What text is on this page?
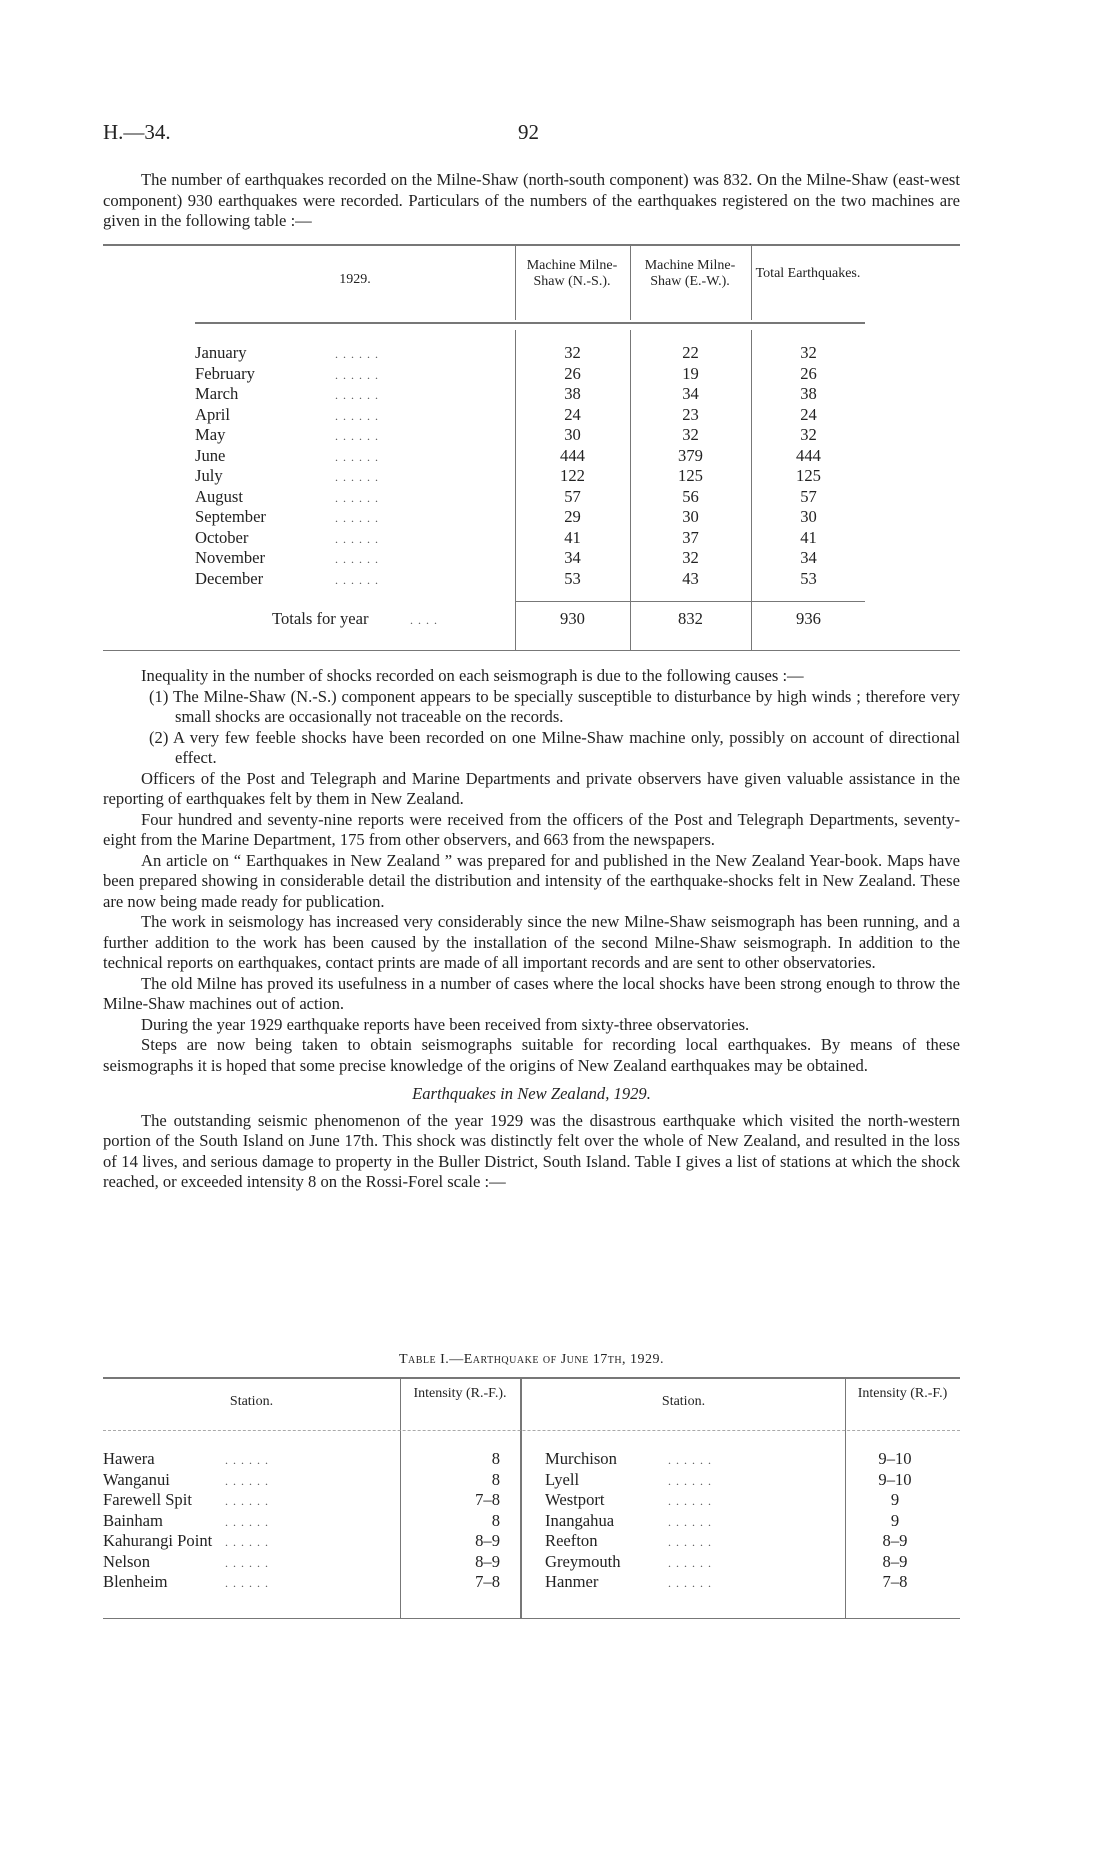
H.—34.	92

The number of earthquakes recorded on the Milne-Shaw (north-south component) was 832. On the Milne-Shaw (east-west component) 930 earthquakes were recorded. Particulars of the numbers of the earthquakes registered on the two machines are given in the following table :—

1929.
Machine Milne-Shaw (N.-S.).
Machine Milne-Shaw (E.-W.).
Total Earthquakes.
January	. . . . . .	32	22	32
February	. . . . . .	26	19	26
March	. . . . . .	38	34	38
April	. . . . . .	24	23	24
May	. . . . . .	30	32	32
June	. . . . . .	444	379	444
July	. . . . . .	122	125	125
August	. . . . . .	57	56	57
September	. . . . . .	29	30	30
October	. . . . . .	41	37	41
November	. . . . . .	34	32	34
December	. . . . . .	53	43	53
Totals for year	. . . .	930	832	936

Inequality in the number of shocks recorded on each seismograph is due to the following causes :—

(1) The Milne-Shaw (N.-S.) component appears to be specially susceptible to disturbance by high winds ; therefore very small shocks are occasionally not traceable on the records.

(2) A very few feeble shocks have been recorded on one Milne-Shaw machine only, possibly on account of directional effect.

Officers of the Post and Telegraph and Marine Departments and private observers have given valuable assistance in the reporting of earthquakes felt by them in New Zealand.

Four hundred and seventy-nine reports were received from the officers of the Post and Telegraph Departments, seventy-eight from the Marine Department, 175 from other observers, and 663 from the newspapers.

An article on “ Earthquakes in New Zealand ” was prepared for and published in the New Zealand Year-book. Maps have been prepared showing in considerable detail the distribution and intensity of the earthquake-shocks felt in New Zealand. These are now being made ready for publication.

The work in seismology has increased very considerably since the new Milne-Shaw seismograph has been running, and a further addition to the work has been caused by the installation of the second Milne-Shaw seismograph. In addition to the technical reports on earthquakes, contact prints are made of all important records and are sent to other observatories.

The old Milne has proved its usefulness in a number of cases where the local shocks have been strong enough to throw the Milne-Shaw machines out of action.

During the year 1929 earthquake reports have been received from sixty-three observatories.

Steps are now being taken to obtain seismographs suitable for recording local earthquakes. By means of these seismographs it is hoped that some precise knowledge of the origins of New Zealand earthquakes may be obtained.

Earthquakes in New Zealand, 1929.

The outstanding seismic phenomenon of the year 1929 was the disastrous earthquake which visited the north-western portion of the South Island on June 17th. This shock was distinctly felt over the whole of New Zealand, and resulted in the loss of 14 lives, and serious damage to property in the Buller District, South Island. Table I gives a list of stations at which the shock reached, or exceeded intensity 8 on the Rossi-Forel scale :—

Table I.—Earthquake of June 17th, 1929.
Station.
Intensity (R.-F.).
Station.
Intensity (R.-F.)
Hawera	. . . . . .	8	Murchison	. . . . . .	9–10
Wanganui	. . . . . .	8	Lyell	. . . . . .	9–10
Farewell Spit	. . . . . .	7–8	Westport	. . . . . .	9
Bainham	. . . . . .	8	Inangahua	. . . . . .	9
Kahurangi Point . . . . . .	8–9	Reefton	. . . . . .	8–9
Nelson	. . . . . .	8–9	Greymouth	. . . . . .	8–9
Blenheim	. . . . . .	7–8	Hanmer	. . . . . .	7–8
